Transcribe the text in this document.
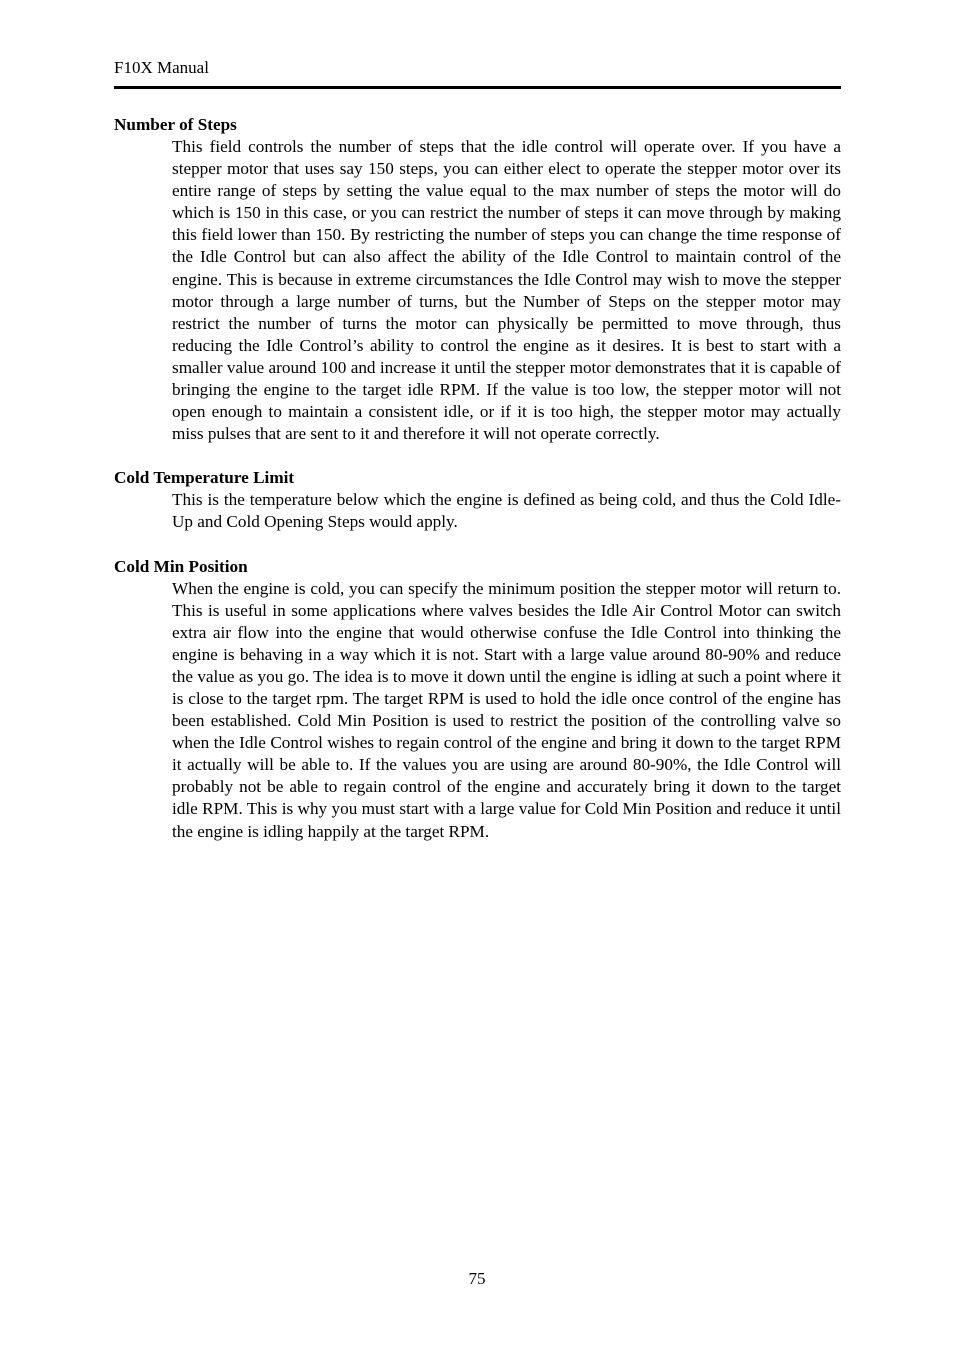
F10X Manual

Number of Steps

This field controls the number of steps that the idle control will operate over. If you have a stepper motor that uses say 150 steps, you can either elect to operate the stepper motor over its entire range of steps by setting the value equal to the max number of steps the motor will do which is 150 in this case, or you can restrict the number of steps it can move through by making this field lower than 150. By restricting the number of steps you can change the time response of the Idle Control but can also affect the ability of the Idle Control to maintain control of the engine. This is because in extreme circumstances the Idle Control may wish to move the stepper motor through a large number of turns, but the Number of Steps on the stepper motor may restrict the number of turns the motor can physically be permitted to move through, thus reducing the Idle Control’s ability to control the engine as it desires. It is best to start with a smaller value around 100 and increase it until the stepper motor demonstrates that it is capable of bringing the engine to the target idle RPM. If the value is too low, the stepper motor will not open enough to maintain a consistent idle, or if it is too high, the stepper motor may actually miss pulses that are sent to it and therefore it will not operate correctly.

Cold Temperature Limit

This is the temperature below which the engine is defined as being cold, and thus the Cold Idle-Up and Cold Opening Steps would apply.

Cold Min Position

When the engine is cold, you can specify the minimum position the stepper motor will return to. This is useful in some applications where valves besides the Idle Air Control Motor can switch extra air flow into the engine that would otherwise confuse the Idle Control into thinking the engine is behaving in a way which it is not. Start with a large value around 80-90% and reduce the value as you go. The idea is to move it down until the engine is idling at such a point where it is close to the target rpm. The target RPM is used to hold the idle once control of the engine has been established. Cold Min Position is used to restrict the position of the controlling valve so when the Idle Control wishes to regain control of the engine and bring it down to the target RPM it actually will be able to. If the values you are using are around 80-90%, the Idle Control will probably not be able to regain control of the engine and accurately bring it down to the target idle RPM. This is why you must start with a large value for Cold Min Position and reduce it until the engine is idling happily at the target RPM.

75
